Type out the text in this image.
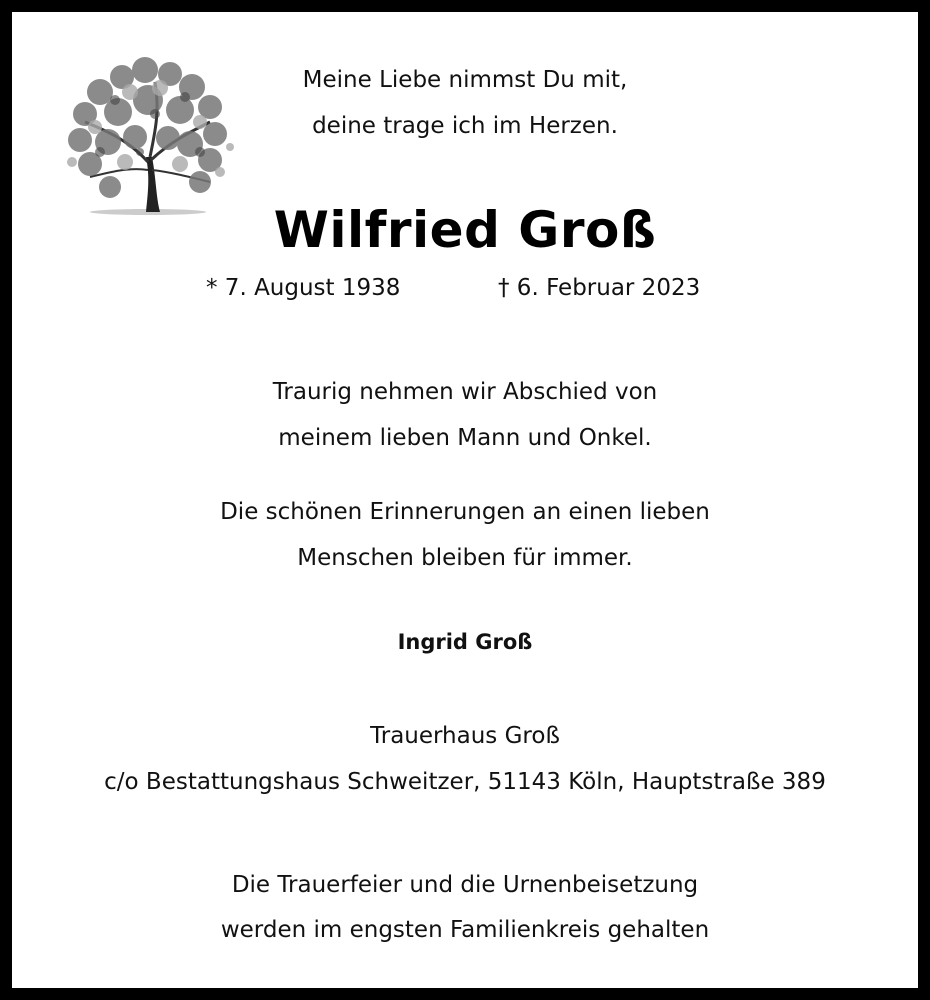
Meine Liebe nimmst Du mit,
deine trage ich im Herzen.
Wilfried Groß
* 7. August 1938	† 6. Februar 2023
Traurig nehmen wir Abschied von
meinem lieben Mann und Onkel.
Die schönen Erinnerungen an einen lieben
Menschen bleiben für immer.
Ingrid Groß
Trauerhaus Groß
c/o Bestattungshaus Schweitzer, 51143 Köln, Hauptstraße 389
Die Trauerfeier und die Urnenbeisetzung
werden im engsten Familienkreis gehalten
